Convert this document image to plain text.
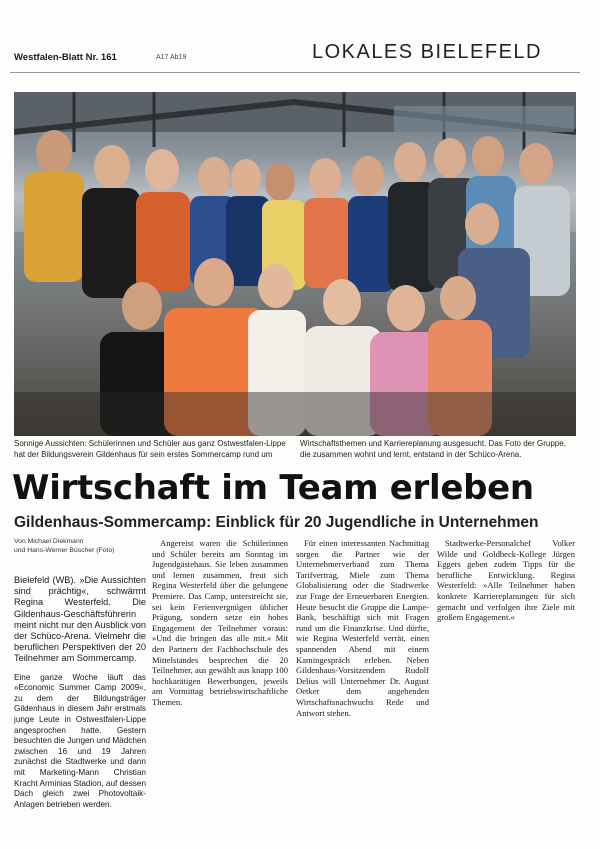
Westfalen-Blatt Nr. 161	A17 Ab19	LOKALES BIELEFELD
Sonnige Aussichten: Schülerinnen und Schüler aus ganz Ostwestfalen-Lippe hat der Bildungsverein Gildenhaus für sein erstes Sommercamp rund um Wirtschaftsthemen und Karriereplanung ausgesucht. Das Foto der Gruppe, die zusammen wohnt und lernt, entstand in der Schüco-Arena.
Wirtschaft im Team erleben
Gildenhaus-Sommercamp: Einblick für 20 Jugendliche in Unternehmen
Von Michael Diekmann
und Hans-Werner Büscher (Foto)

Bielefeld (WB). »Die Aussichten sind prächtig«, schwärmt Regina Westerfeld. Die Gildenhaus-Geschäftsführerin meint nicht nur den Ausblick von der Schüco-Arena. Vielmehr die beruflichen Perspektiven der 20 Teilnehmer am Sommercamp.

Eine ganze Woche läuft das »Economic Summer Camp 2009«, zu dem der Bildungsträger Gildenhaus in diesem Jahr erstmals junge Leute in Ostwestfalen-Lippe angesprochen hatte. Gestern besuchten die Jungen und Mädchen zwischen 16 und 19 Jahren zunächst die Stadtwerke und dann mit Marketing-Mann Christian Kracht Arminias Stadion, auf dessen Dach gleich zwei Photovoltaik-Anlagen betrieben werden.

Angereist waren die Schülerinnen und Schüler bereits am Sonntag im Jugendgästehaus. Sie leben zusammen und lernen zusammen, freut sich Regina Westerfeld über die gelungene Premiere. Das Camp, unterstreicht sie, sei kein Ferienvergnügen üblicher Prägung, sondern setze ein hohes Engagement der Teilnehmer voraus: »Und die bringen das alle mit.« Mit den Partnern der Fachhochschule des Mittelstandes besprechen die 20 Teilnehmer, aus gewählt aus knapp 100 hochkarätigen Bewerbungen, jeweils am Vormittag betriebswirtschaftliche Themen.

Für einen interessanten Nachmittag sorgen die Partner wie der Unternehmerverband zum Thema Tarifvertrag, Miele zum Thema Globalisierung oder die Stadtwerke zur Frage der Erneuerbaren Energien. Heute besucht die Gruppe die Lampe-Bank, beschäftigt sich mit Fragen rund um die Finanzkrise. Und dürfte, wie Regina Westerfeld verrät, einen spannenden Abend mit einem Kamingespräch erleben. Neben Gildenhaus-Vorsitzendem Rudolf Delius will Unternehmer Dr. August Oetker dem angehenden Wirtschaftsnachwuchs Rede und Antwort stehen.

Stadtwerke-Personalchef Volker Wilde und Goldbeck-Kollege Jürgen Eggers geben zudem Tipps für die berufliche Entwicklung. Regina Westerfeld: »Alle Teilnehmer haben konkrete Karriereplanungen für sich gemacht und verfolgen ihre Ziele mit großem Engagement.«
